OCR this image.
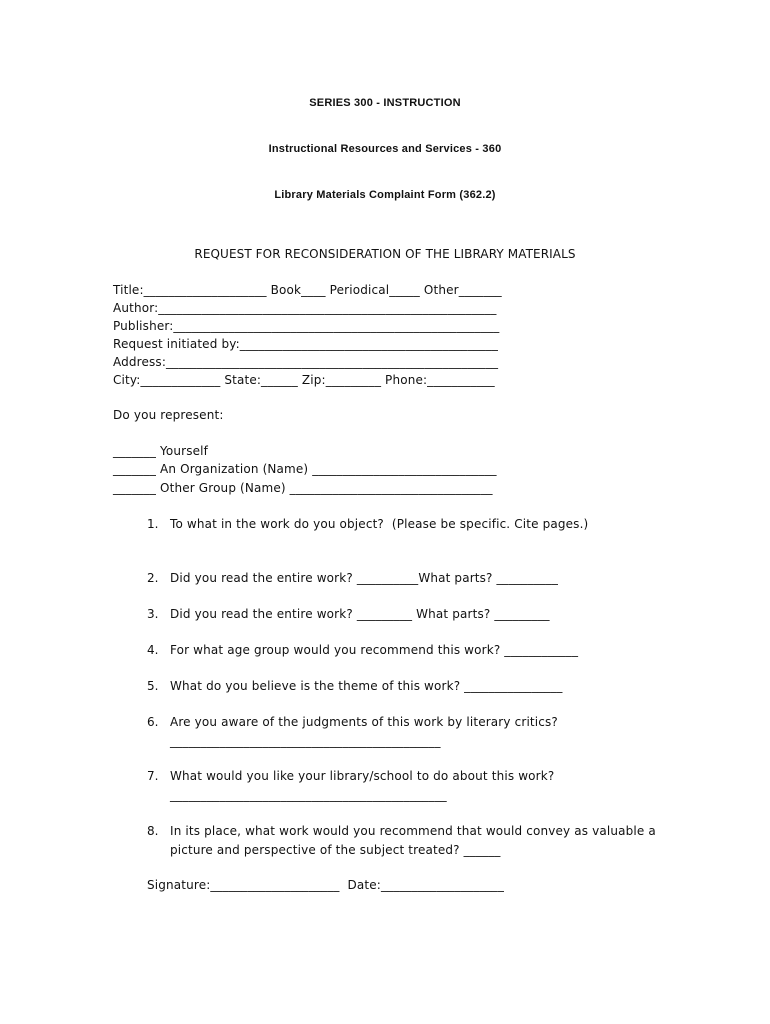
SERIES 300 - INSTRUCTION
Instructional Resources and Services - 360
Library Materials Complaint Form (362.2)
REQUEST FOR RECONSIDERATION OF THE LIBRARY MATERIALS
Title:____________________ Book____ Periodical_____ Other_______
Author:_______________________________________________________
Publisher:_____________________________________________________
Request initiated by:__________________________________________
Address:______________________________________________________
City:_____________ State:______ Zip:_________ Phone:___________
Do you represent:
_______ Yourself
_______ An Organization (Name) ______________________________
_______ Other Group (Name) _________________________________
1. To what in the work do you object?  (Please be specific. Cite pages.)
2. Did you read the entire work? __________What parts? __________
3. Did you read the entire work? _________ What parts? _________
4. For what age group would you recommend this work? ____________
5. What do you believe is the theme of this work? ________________
6. Are you aware of the judgments of this work by literary critics?
____________________________________________
7. What would you like your library/school to do about this work?
_____________________________________________
8. In its place, what work would you recommend that would convey as valuable a
picture and perspective of the subject treated? ______
Signature:_____________________  Date:____________________
